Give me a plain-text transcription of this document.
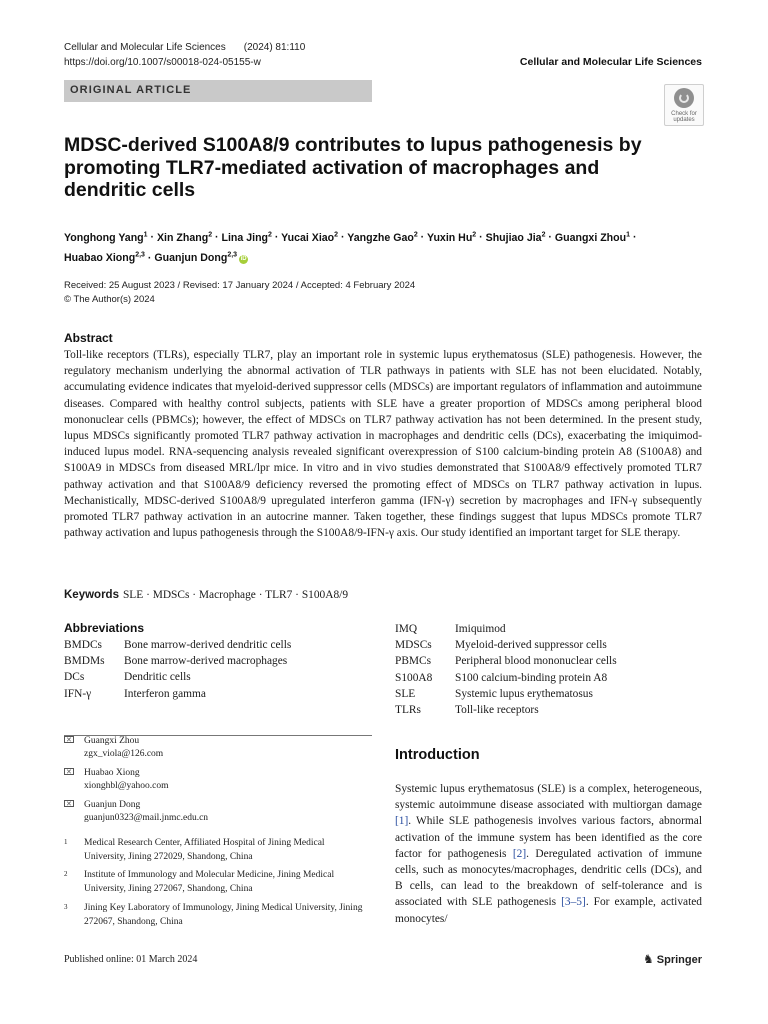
Cellular and Molecular Life Sciences (2024) 81:110
https://doi.org/10.1007/s00018-024-05155-w	Cellular and Molecular Life Sciences
ORIGINAL ARTICLE
Check for
updates
MDSC-derived S100A8/9 contributes to lupus pathogenesis by promoting TLR7-mediated activation of macrophages and dendritic cells
Yonghong Yang$^1$ · Xin Zhang$^2$ · Lina Jing$^2$ · Yucai Xiao$^2$ · Yangzhe Gao$^2$ · Yuxin $Hu^2$ · Shujiao Jia$^2$ · Guangxi Zhou$^1$ ·
Huabao Xiong$^{2,3}$ · Guanjun Dong$^{2,3}$iD
Received: 25 August 2023 / Revised: 17 January 2024 / Accepted: 4 February 2024
© The Author(s) 2024
Abstract
Toll-like receptors (TLRs), especially TLR7, play an important role in systemic lupus erythematosus (SLE) pathogenesis. However, the regulatory mechanism underlying the abnormal activation of TLR pathways in patients with SLE has not been elucidated. Notably, accumulating evidence indicates that myeloid-derived suppressor cells (MDSCs) are important regulators of inflammation and autoimmune diseases. Compared with healthy control subjects, patients with SLE have a greater proportion of MDSCs among peripheral blood mononuclear cells (PBMCs); however, the effect of MDSCs on TLR7 pathway activation has not been determined. In the present study, lupus MDSCs significantly promoted TLR7 pathway activation in macrophages and dendritic cells (DCs), exacerbating the imiquimod-induced lupus model. RNA-sequencing analysis revealed significant overexpression of S100 calcium-binding protein A8 (S100A8) and S100A9 in MDSCs from diseased MRL/lpr mice. In vitro and in vivo studies demonstrated that S100A8/9 effectively promoted TLR7 pathway activation and that S100A8/9 deficiency reversed the promoting effect of MDSCs on TLR7 pathway activation in lupus. Mechanistically, MDSC-derived S100A8/9 upregulated interferon gamma (IFN-γ) secretion by macrophages and IFN-γ subsequently promoted TLR7 pathway activation in an autocrine manner. Taken together, these findings suggest that lupus MDSCs promote TLR7 pathway activation and lupus pathogenesis through the S100A8/9-IFN-γ axis. Our study identified an important target for SLE therapy.
Keywords SLE · MDSCs · Macrophage · TLR7 · S100A8/9
Abbreviations
BMDCs	Bone marrow-derived dendritic cells
BMDMs	Bone marrow-derived macrophages
DCs	Dendritic cells
IFN-γ	Interferon gamma
IMQ	Imiquimod
MDSCs	Myeloid-derived suppressor cells
PBMCs	Peripheral blood mononuclear cells
S100A8	S100 calcium-binding protein A8
SLE	Systemic lupus erythematosus
TLRs	Toll-like receptors
✕
Guangxi Zhou
zgx_viola@126.com
✕
Huabao Xiong
xionghbl@yahoo.com
✕
Guanjun Dong
guanjun0323@mail.jnmc.edu.cn
1 Medical Research Center, Affiliated Hospital of Jining Medical University, Jining 272029, Shandong, China
2 Institute of Immunology and Molecular Medicine, Jining Medical University, Jining 272067, Shandong, China
3 Jining Key Laboratory of Immunology, Jining Medical University, Jining 272067, Shandong, China
Introduction
Systemic lupus erythematosus (SLE) is a complex, heterogeneous, systemic autoimmune disease associated with multiorgan damage [1]. While SLE pathogenesis involves various factors, abnormal activation of the immune system has been identified as the core factor for pathogenesis [2]. Deregulated activation of immune cells, such as monocytes/macrophages, dendritic cells (DCs), and B cells, can lead to the breakdown of self-tolerance and is associated with SLE pathogenesis [3–5]. For example, activated monocytes/
Published online: 01 March 2024	♞ Springer
